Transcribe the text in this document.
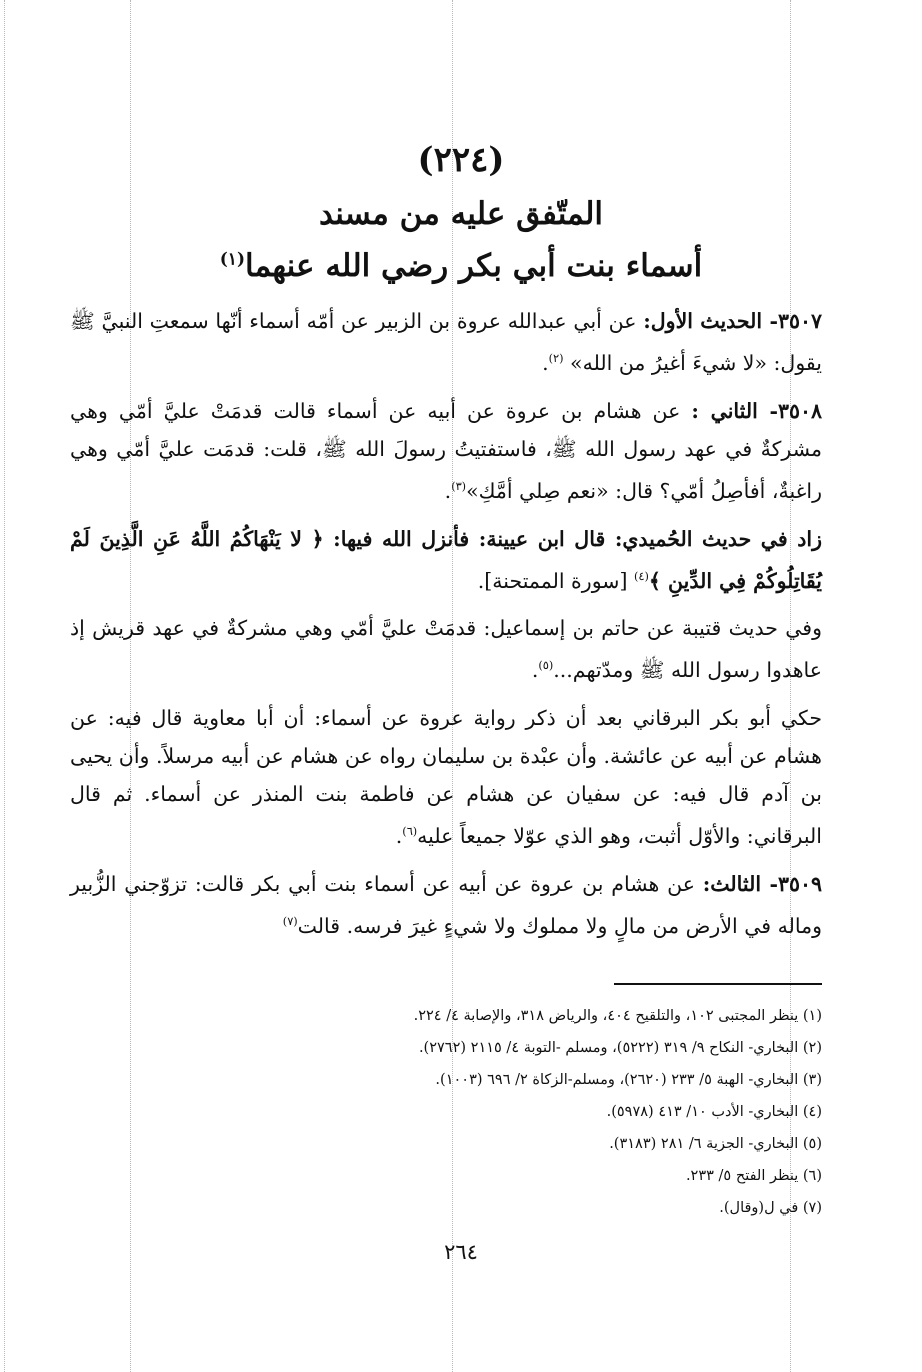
(٢٢٤)
المتّفق عليه من مسند
أسماء بنت أبي بكر رضي الله عنهما$^{(١)}$

٣٥٠٧- الحديث الأول: عن أبي عبدالله عروة بن الزبير عن أمّه أسماء أنّها سمعتِ النبيَّ ﷺ يقول: «لا شيءَ أغيرُ من الله» $^{(٢)}$.

٣٥٠٨- الثاني : عن هشام بن عروة عن أبيه عن أسماء قالت قدمَتْ عليَّ أمّي وهي مشركةٌ في عهد رسول الله ﷺ، فاستفتيتُ رسولَ الله ﷺ، قلت: قدمَت عليَّ أمّي وهي راغبةٌ، أفأصِلُ أمّي؟ قال: «نعم صِلي أمَّكِ»$^{(٣)}$.

زاد في حديث الحُميدي: قال ابن عيينة: فأنزل الله فيها: ﴿ لا يَنْهَاكُمُ اللَّهُ عَنِ الَّذِينَ لَمْ يُقَاتِلُوكُمْ فِي الدِّينِ ﴾$^{(٤)}$ [سورة الممتحنة].

وفي حديث قتيبة عن حاتم بن إسماعيل: قدمَتْ عليَّ أمّي وهي مشركةٌ في عهد قريش إذ عاهدوا رسول الله ﷺ ومدّتهم...$^{(٥)}$.

حكي أبو بكر البرقاني بعد أن ذكر رواية عروة عن أسماء: أن أبا معاوية قال فيه: عن هشام عن أبيه عن عائشة. وأن عبْدة بن سليمان رواه عن هشام عن أبيه مرسلاً. وأن يحيى بن آدم قال فيه: عن سفيان عن هشام عن فاطمة بنت المنذر عن أسماء. ثم قال البرقاني: والأوّل أثبت، وهو الذي عوّلا جميعاً عليه$^{(٦)}$.

٣٥٠٩- الثالث: عن هشام بن عروة عن أبيه عن أسماء بنت أبي بكر قالت: تزوّجني الزُّبير وماله في الأرض من مالٍ ولا مملوك ولا شيءٍ غيرَ فرسه. قالت$^{(٧)}$

(١) ينظر المجتبى ١٠٢، والتلقيح ٤٠٤، والرياض ٣١٨، والإصابة ٤/ ٢٢٤.

(٢) البخاري- النكاح ٩/ ٣١٩ (٥٢٢٢)، ومسلم -التوبة ٤/ ٢١١٥ (٢٧٦٢).

(٣) البخاري- الهبة ٥/ ٢٣٣ (٢٦٢٠)، ومسلم-الزكاة ٢/ ٦٩٦ (١٠٠٣).

(٤) البخاري- الأدب ١٠/ ٤١٣ (٥٩٧٨).

(٥) البخاري- الجزية ٦/ ٢٨١ (٣١٨٣).

(٦) ينظر الفتح ٥/ ٢٣٣.

(٧) في ل(وقال).

٢٦٤
